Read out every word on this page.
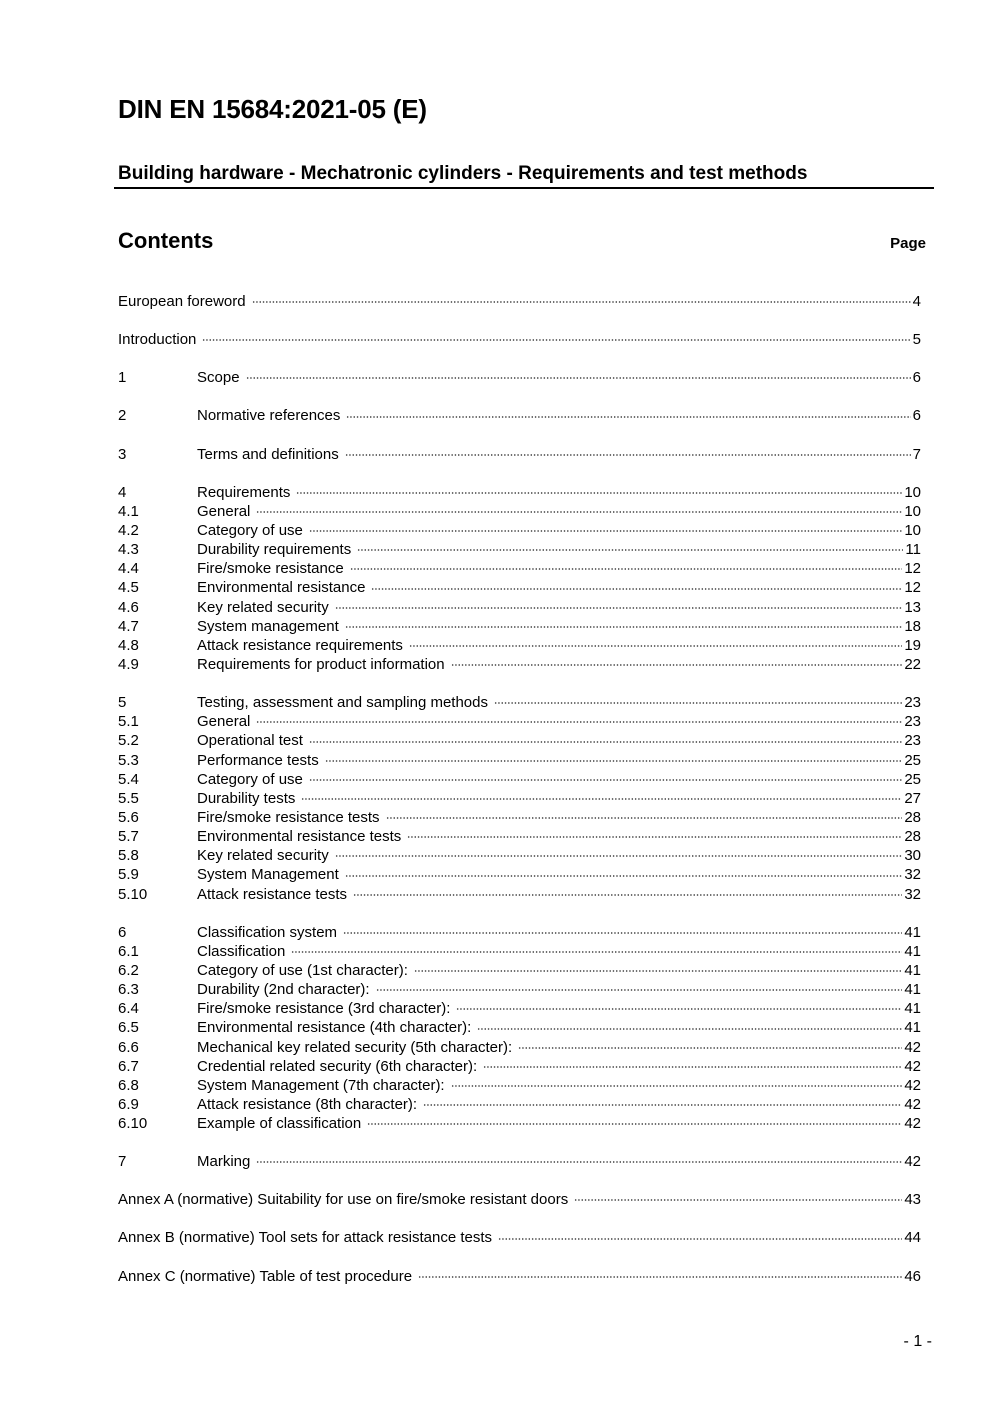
DIN EN 15684:2021-05 (E)
Building hardware - Mechatronic cylinders - Requirements and test methods
Contents	Page
European foreword	4
Introduction	5
1	Scope	6
2	Normative references	6
3	Terms and definitions	7
4	Requirements	10
4.1	General	10
4.2	Category of use	10
4.3	Durability requirements	11
4.4	Fire/smoke resistance	12
4.5	Environmental resistance	12
4.6	Key related security	13
4.7	System management	18
4.8	Attack resistance requirements	19
4.9	Requirements for product information	22
5	Testing, assessment and sampling methods	23
5.1	General	23
5.2	Operational test	23
5.3	Performance tests	25
5.4	Category of use	25
5.5	Durability tests	27
5.6	Fire/smoke resistance tests	28
5.7	Environmental resistance tests	28
5.8	Key related security	30
5.9	System Management	32
5.10	Attack resistance tests	32
6	Classification system	41
6.1	Classification	41
6.2	Category of use (1st character):	41
6.3	Durability (2nd character):	41
6.4	Fire/smoke resistance (3rd character):	41
6.5	Environmental resistance (4th character):	41
6.6	Mechanical key related security (5th character):	42
6.7	Credential related security (6th character):	42
6.8	System Management (7th character):	42
6.9	Attack resistance (8th character):	42
6.10	Example of classification	42
7	Marking	42
Annex A (normative) Suitability for use on fire/smoke resistant doors	43
Annex B (normative) Tool sets for attack resistance tests	44
Annex C (normative) Table of test procedure	46
- 1 -
